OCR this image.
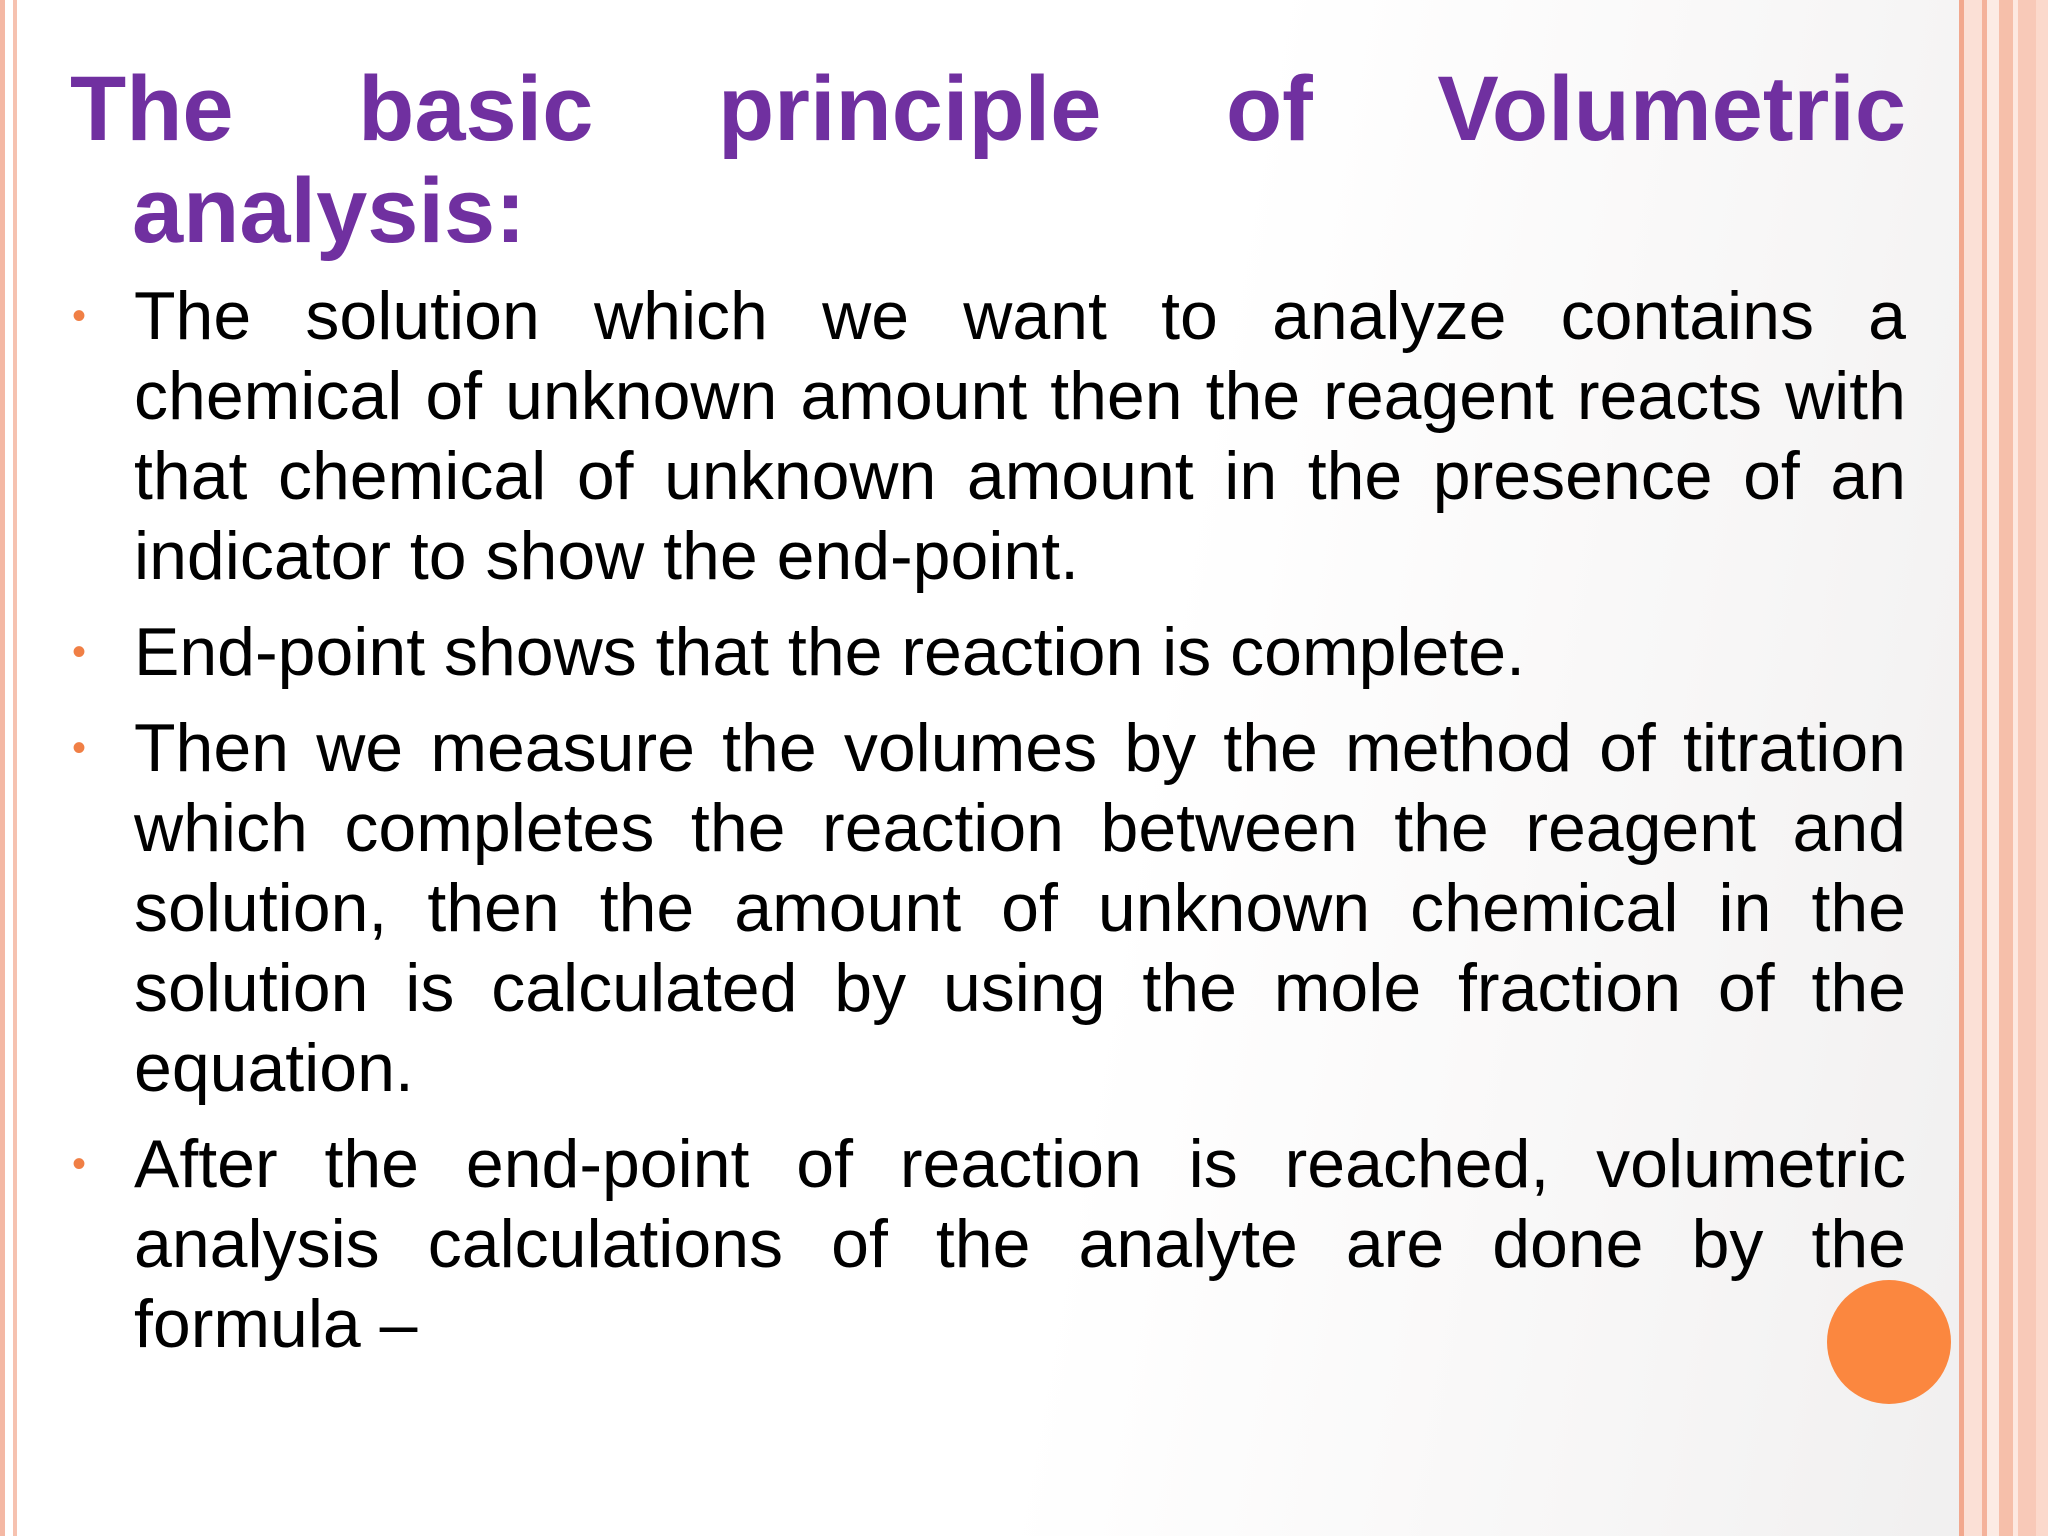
The basic principle of Volumetric analysis:
• The solution which we want to analyze contains a chemical of unknown amount then the reagent reacts with that chemical of unknown amount in the presence of an indicator to show the end-point.
• End-point shows that the reaction is complete.
• Then we measure the volumes by the method of titration which completes the reaction between the reagent and solution, then the amount of unknown chemical in the solution is calculated by using the mole fraction of the equation.
• After the end-point of reaction is reached, volumetric analysis calculations of the analyte are done by the formula –
